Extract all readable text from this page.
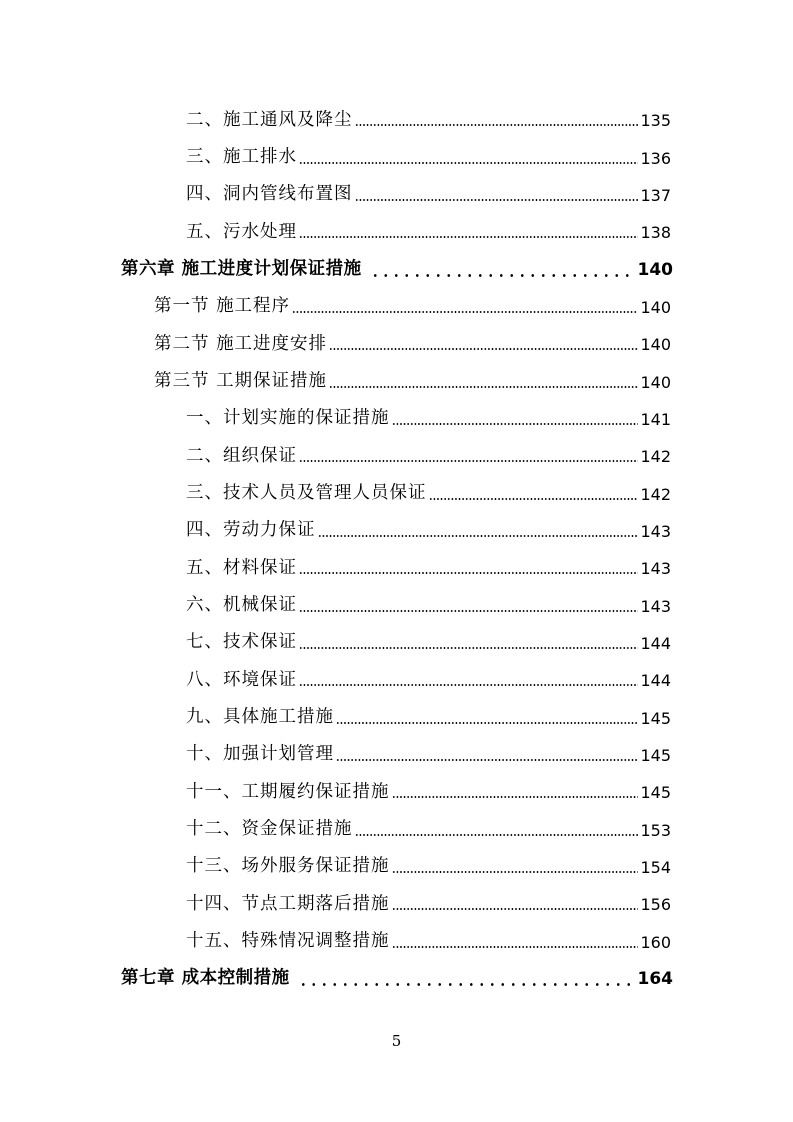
二、施工通风及降尘	135
三、施工排水	136
四、洞内管线布置图	137
五、污水处理	138
第六章 施工进度计划保证措施	140
第一节 施工程序	140
第二节 施工进度安排	140
第三节 工期保证措施	140
一、计划实施的保证措施	141
二、组织保证	142
三、技术人员及管理人员保证	142
四、劳动力保证	143
五、材料保证	143
六、机械保证	143
七、技术保证	144
八、环境保证	144
九、具体施工措施	145
十、加强计划管理	145
十一、工期履约保证措施	145
十二、资金保证措施	153
十三、场外服务保证措施	154
十四、节点工期落后措施	156
十五、特殊情况调整措施	160
第七章 成本控制措施	164
5
